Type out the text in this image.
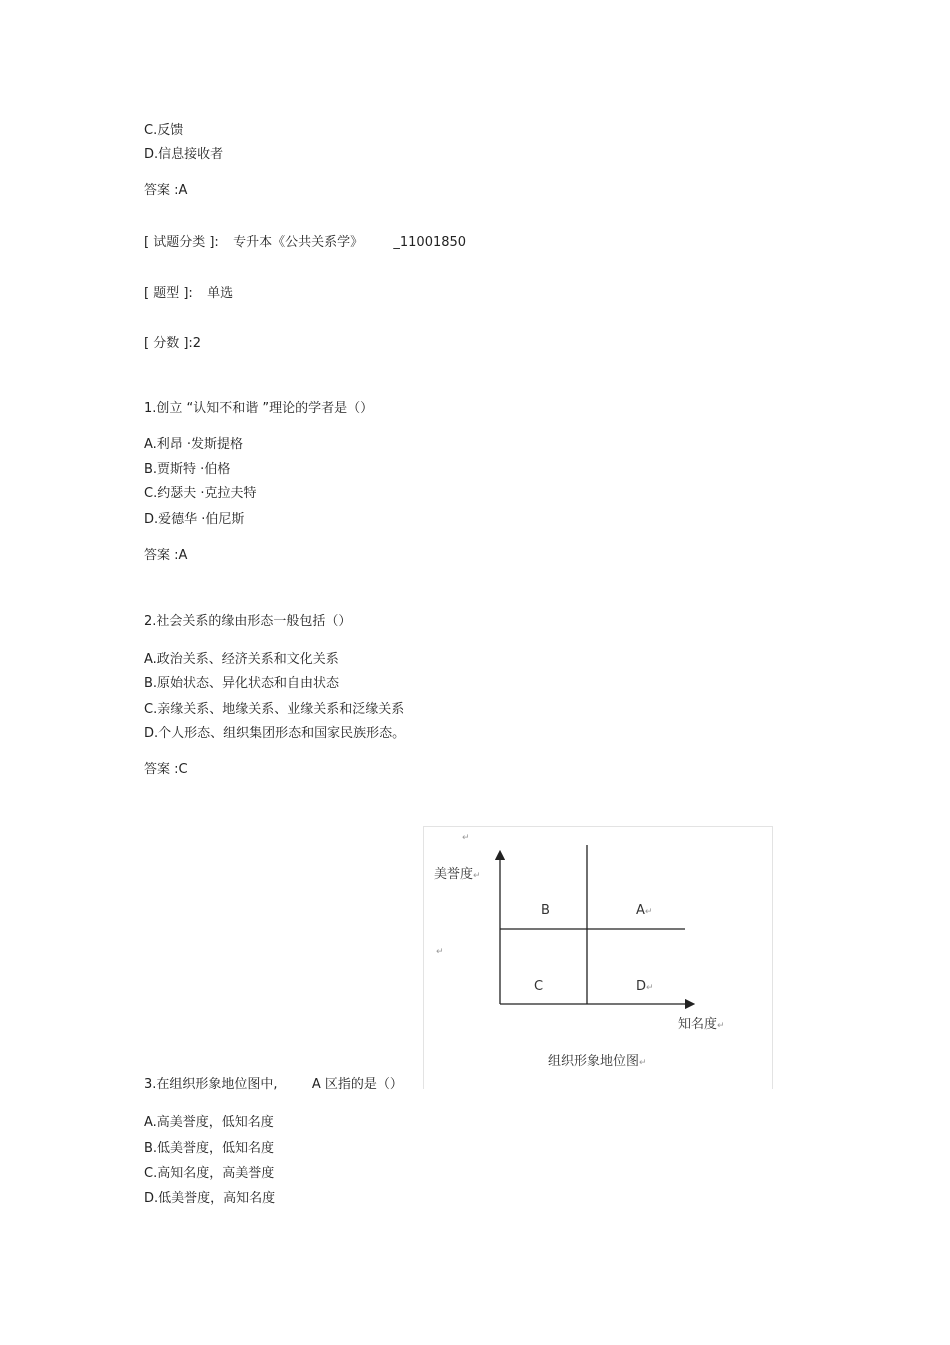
C.反馈
D.信息接收者
答案 :A
[ 试题分类 ]: 专升本《公共关系学》 _11001850
[ 题型 ]: 单选
[ 分数 ]:2
1.创立 “认知不和谐 ”理论的学者是（）
A.利昂 ·发斯提格
B.贾斯特 ·伯格
C.约瑟夫 ·克拉夫特
D.爱德华 ·伯尼斯
答案 :A
2.社会关系的缘由形态一般包括（）
A.政治关系、经济关系和文化关系
B.原始状态、异化状态和自由状态
C.亲缘关系、地缘关系、业缘关系和泛缘关系
D.个人形态、组织集团形态和国家民族形态。
答案 :C
↵
美誉度↵
B	A↵
↵
C	D↵
知名度↵
组织形象地位图↵
3.在组织形象地位图中,	A 区指的是（）
A.高美誉度，低知名度
B.低美誉度，低知名度
C.高知名度，高美誉度
D.低美誉度，高知名度
